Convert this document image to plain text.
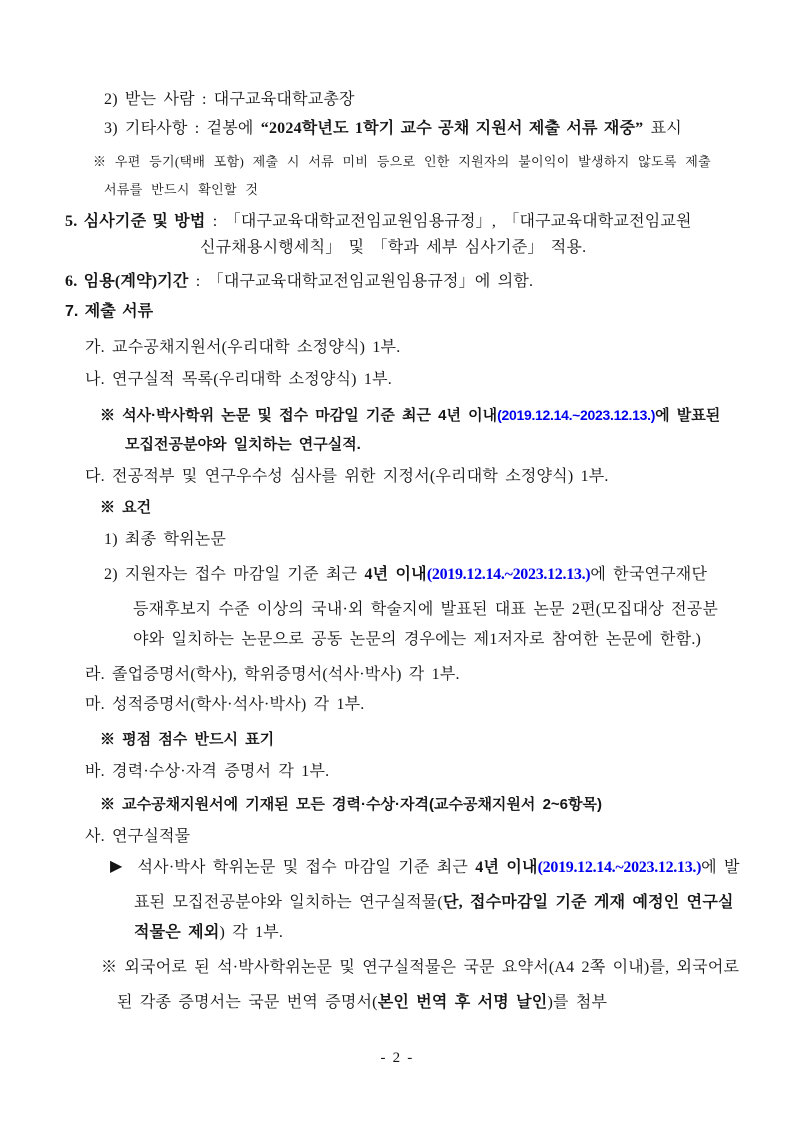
2) 받는 사람 : 대구교육대학교총장
3) 기타사항 : 겉봉에 “2024학년도 1학기 교수 공채 지원서 제출 서류 재중” 표시
※ 우편 등기(택배 포함) 제출 시 서류 미비 등으로 인한 지원자의 불이익이 발생하지 않도록 제출
서류를 반드시 확인할 것
5. 심사기준 및 방법 : 「대구교육대학교전임교원임용규정」, 「대구교육대학교전임교원
신규채용시행세칙」 및 「학과 세부 심사기준」 적용.
6. 임용(계약)기간 : 「대구교육대학교전임교원임용규정」에 의함.
7. 제출 서류
가. 교수공채지원서(우리대학 소정양식) 1부.
나. 연구실적 목록(우리대학 소정양식) 1부.
※ 석사·박사학위 논문 및 접수 마감일 기준 최근 4년 이내(2019.12.14.~2023.12.13.)에 발표된
모집전공분야와 일치하는 연구실적.
다. 전공적부 및 연구우수성 심사를 위한 지정서(우리대학 소정양식) 1부.
※ 요건
1) 최종 학위논문
2) 지원자는 접수 마감일 기준 최근 4년 이내(2019.12.14.~2023.12.13.)에 한국연구재단
등재후보지 수준 이상의 국내·외 학술지에 발표된 대표 논문 2편(모집대상 전공분
야와 일치하는 논문으로 공동 논문의 경우에는 제1저자로 참여한 논문에 한함.)
라. 졸업증명서(학사), 학위증명서(석사·박사) 각 1부.
마. 성적증명서(학사·석사·박사) 각 1부.
※ 평점 점수 반드시 표기
바. 경력·수상·자격 증명서 각 1부.
※ 교수공채지원서에 기재된 모든 경력·수상·자격(교수공채지원서 2~6항목)
사. 연구실적물
▶ 석사·박사 학위논문 및 접수 마감일 기준 최근 4년 이내(2019.12.14.~2023.12.13.)에 발
표된 모집전공분야와 일치하는 연구실적물(단, 접수마감일 기준 게재 예정인 연구실
적물은 제외) 각 1부.
※ 외국어로 된 석·박사학위논문 및 연구실적물은 국문 요약서(A4 2쪽 이내)를, 외국어로
된 각종 증명서는 국문 번역 증명서(본인 번역 후 서명 날인)를 첨부
- 2 -
